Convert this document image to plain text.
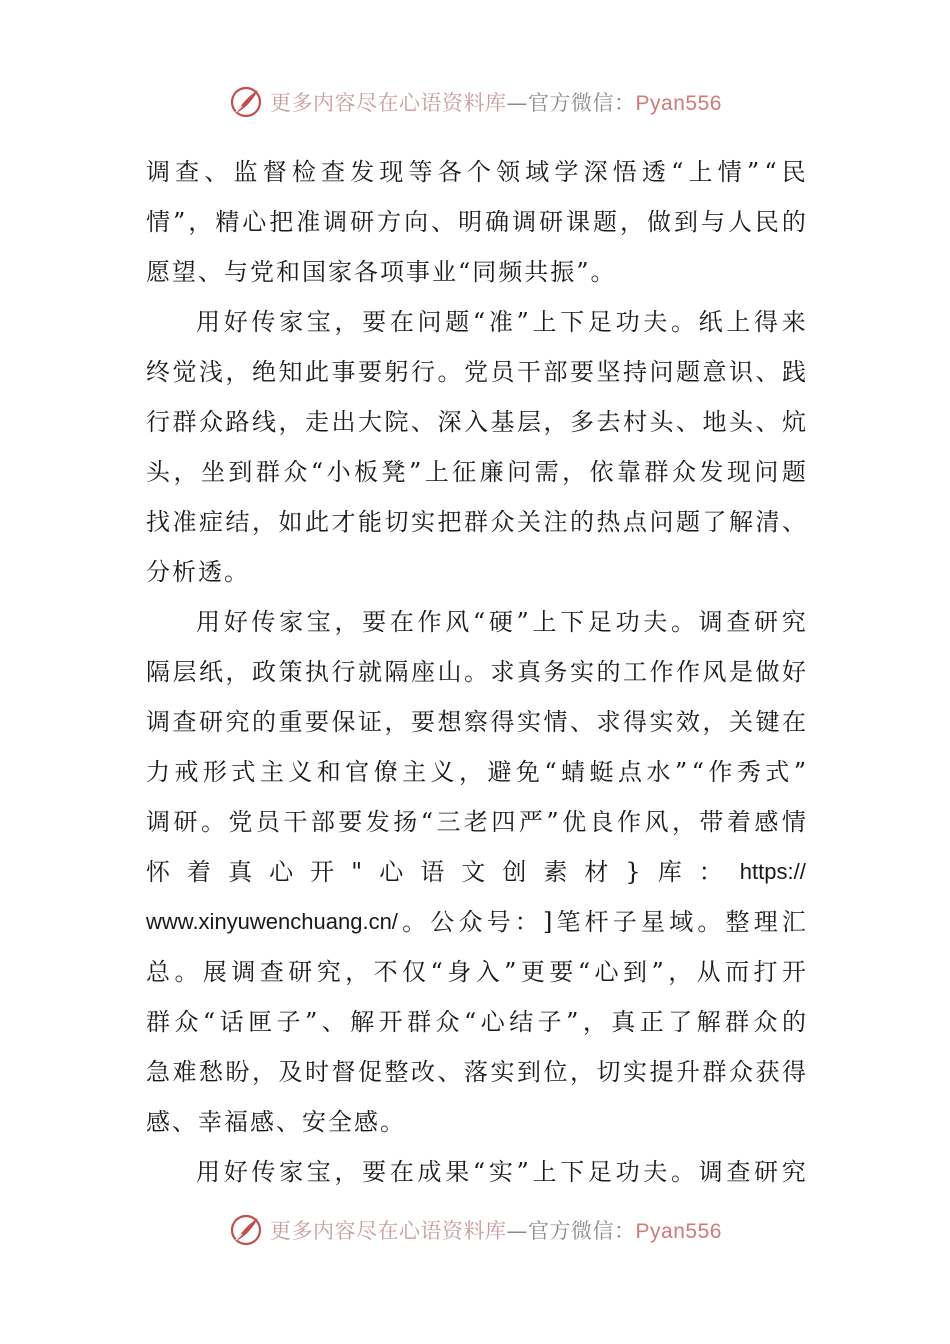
更多内容尽在心语资料库—官方微信：Pyan556
调 查 、 监 督 检 查 发 现 等 各 个 领 域 学 深 悟 透 “ 上 情 ” “ 民
情 ” ， 精 心 把 准 调 研 方 向 、 明 确 调 研 课 题 ， 做 到 与 人 民 的
愿望、与党和国家各项事业“同频共振”。
用 好 传 家 宝 ， 要 在 问 题 “ 准 ” 上 下 足 功 夫 。 纸 上 得 来
终 觉 浅 ， 绝 知 此 事 要 躬 行 。 党 员 干 部 要 坚 持 问 题 意 识 、 践
行 群 众 路 线 ， 走 出 大 院 、 深 入 基 层 ， 多 去 村 头 、 地 头 、 炕
头 ， 坐 到 群 众 “ 小 板 凳 ” 上 征 廉 问 需 ， 依 靠 群 众 发 现 问 题
找 准 症 结 ， 如 此 才 能 切 实 把 群 众 关 注 的 热 点 问 题 了 解 清 、
分析透。
用 好 传 家 宝 ， 要 在 作 风 “ 硬 ” 上 下 足 功 夫 。 调 查 研 究
隔 层 纸 ， 政 策 执 行 就 隔 座 山 。 求 真 务 实 的 工 作 作 风 是 做 好
调 查 研 究 的 重 要 保 证 ， 要 想 察 得 实 情 、 求 得 实 效 ， 关 键 在
力 戒 形 式 主 义 和 官 僚 主 义 ， 避 免 “ 蜻 蜓 点 水 ” “ 作 秀 式 ”
调 研 。 党 员 干 部 要 发 扬 “ 三 老 四 严 ” 优 良 作 风 ， 带 着 感 情
怀 着 真 心 开 " 心 语 文 创 素 材 } 库 ： https://
www.xinyuwenchuang.cn/ 。 公 众 号 ： ] 笔 杆 子 星 域 。 整 理 汇
总 。 展 调 查 研 究 ， 不 仅 “ 身 入 ” 更 要 “ 心 到 ” ， 从 而 打 开
群 众 “ 话 匣 子 ” 、 解 开 群 众 “ 心 结 子 ” ， 真 正 了 解 群 众 的
急 难 愁 盼 ， 及 时 督 促 整 改 、 落 实 到 位 ， 切 实 提 升 群 众 获 得
感、幸福感、安全感。
用 好 传 家 宝 ， 要 在 成 果 “ 实 ” 上 下 足 功 夫 。 调 查 研 究
更多内容尽在心语资料库—官方微信：Pyan556
